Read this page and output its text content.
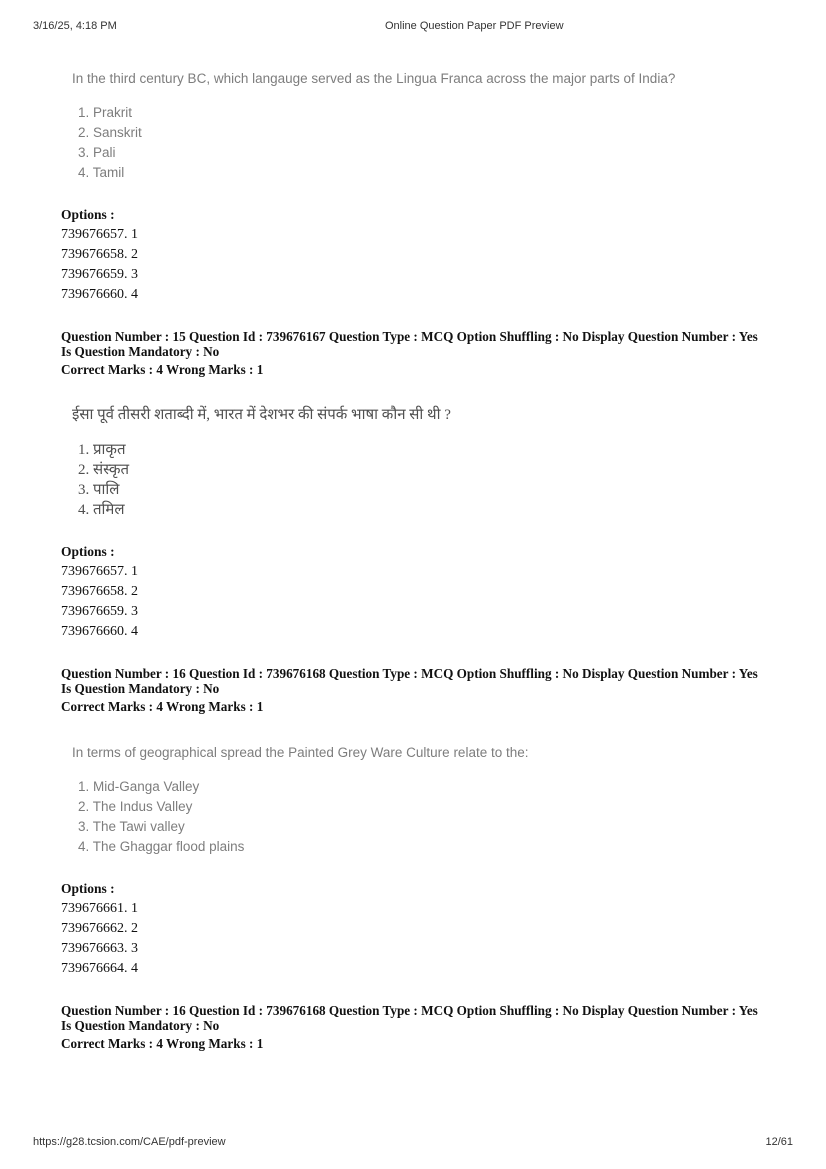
3/16/25, 4:18 PM	Online Question Paper PDF Preview

In the third century BC, which langauge served as the Lingua Franca across the major parts of India?

1. Prakrit
2. Sanskrit
3. Pali
4. Tamil
Options :
739676657. 1
739676658. 2
739676659. 3
739676660. 4

Question Number : 15 Question Id : 739676167 Question Type : MCQ Option Shuffling : No Display Question Number : Yes

Is Question Mandatory : No

Correct Marks : 4 Wrong Marks : 1

ईसा पूर्व तीसरी शताब्दी में, भारत में देशभर की संपर्क भाषा कौन सी थी ?

1. प्राकृत
2. संस्कृत
3. पालि
4. तमिल
Options :
739676657. 1
739676658. 2
739676659. 3
739676660. 4

Question Number : 16 Question Id : 739676168 Question Type : MCQ Option Shuffling : No Display Question Number : Yes

Is Question Mandatory : No

Correct Marks : 4 Wrong Marks : 1

In terms of geographical spread the Painted Grey Ware Culture relate to the:

1. Mid-Ganga Valley
2. The Indus Valley
3. The Tawi valley
4. The Ghaggar flood plains
Options :
739676661. 1
739676662. 2
739676663. 3
739676664. 4

Question Number : 16 Question Id : 739676168 Question Type : MCQ Option Shuffling : No Display Question Number : Yes

Is Question Mandatory : No

Correct Marks : 4 Wrong Marks : 1

https://g28.tcsion.com/CAE/pdf-preview	12/61
